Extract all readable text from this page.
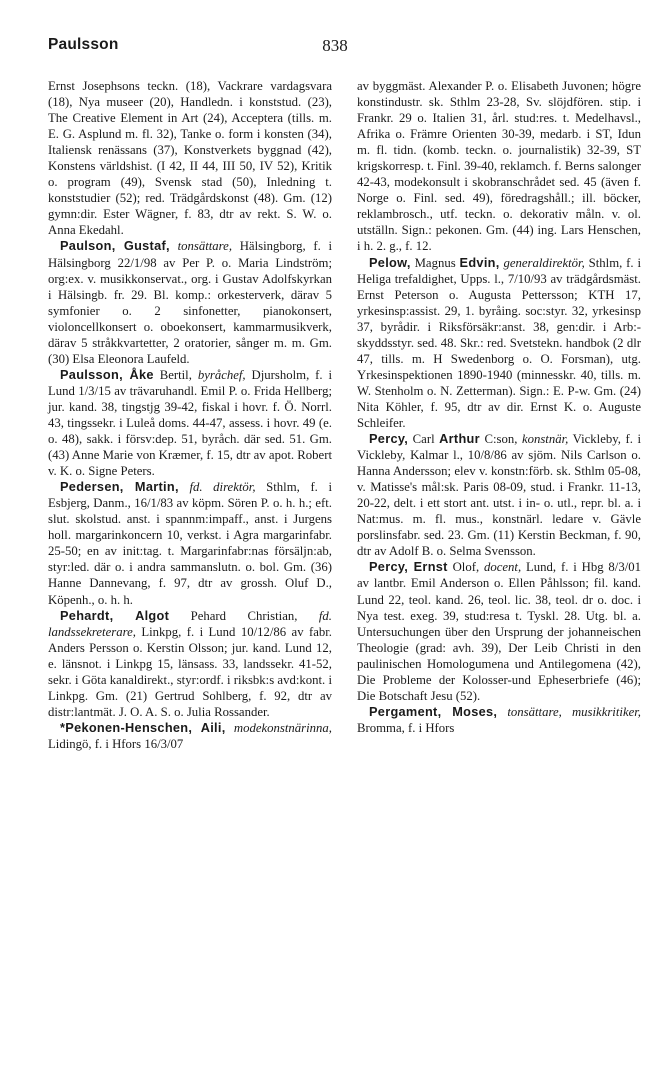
Paulsson	838

Ernst Josephsons teckn. (18), Vackrare vardagsvara (18), Nya museer (20), Handledn. i konststud. (23), The Creative Element in Art (24), Acceptera (tills. m. E. G. Asplund m. fl. 32), Tanke o. form i konsten (34), Italiensk renässans (37), Konstverkets byggnad (42), Konstens världshist. (I 42, II 44, III 50, IV 52), Kritik o. program (49), Svensk stad (50), Inledning t. konststudier (52); red. Trädgårdskonst (48). Gm. (12) gymn:dir. Ester Wägner, f. 83, dtr av rekt. S. W. o. Anna Ekedahl.

Paulson, Gustaf, tonsättare, Hälsingborg, f. i Hälsingborg 22/1/98 av Per P. o. Maria Lindström; org:ex. v. musikkonservat., org. i Gustav Adolfskyrkan i Hälsingb. fr. 29. Bl. komp.: orkesterverk, därav 5 symfonier o. 2 sinfonetter, pianokonsert, violoncellkonsert o. oboekonsert, kammarmusikverk, därav 5 stråkkvartetter, 2 oratorier, sånger m. m. Gm. (30) Elsa Eleonora Laufeld.

Paulsson, Åke Bertil, byråchef, Djursholm, f. i Lund 1/3/15 av trävaruhandl. Emil P. o. Frida Hellberg; jur. kand. 38, tingstjg 39-42, fiskal i hovr. f. Ö. Norrl. 43, tingssekr. i Luleå doms. 44-47, assess. i hovr. 49 (e. o. 48), sakk. i försv:dep. 51, byråch. där sed. 51. Gm. (43) Anne Marie von Kræmer, f. 15, dtr av apot. Robert v. K. o. Signe Peters.

Pedersen, Martin, fd. direktör, Sthlm, f. i Esbjerg, Danm., 16/1/83 av köpm. Sören P. o. h. h.; eft. slut. skolstud. anst. i spannm:impaff., anst. i Jurgens holl. margarinkoncern 10, verkst. i Agra margarinfabr. 25-50; en av init:tag. t. Margarinfabr:nas försäljn:ab, styr:led. där o. i andra sammanslutn. o. bol. Gm. (36) Hanne Dannevang, f. 97, dtr av grossh. Oluf D., Köpenh., o. h. h.

Pehardt, Algot Pehard Christian, fd. landssekreterare, Linkpg, f. i Lund 10/12/86 av fabr. Anders Persson o. Kerstin Olsson; jur. kand. Lund 12, e. länsnot. i Linkpg 15, länsass. 33, landssekr. 41-52, sekr. i Göta kanaldirekt., styr:ordf. i riksbk:s avd:kont. i Linkpg. Gm. (21) Gertrud Sohlberg, f. 92, dtr av distr:lantmät. J. O. A. S. o. Julia Rossander.

*Pekonen-Henschen, Aili, modekonstnärinna, Lidingö, f. i Hfors 16/3/07

av byggmäst. Alexander P. o. Elisabeth Juvonen; högre konstindustr. sk. Sthlm 23-28, Sv. slöjdfören. stip. i Frankr. 29 o. Italien 31, årl. stud:res. t. Medelhavsl., Afrika o. Främre Orienten 30-39, medarb. i ST, Idun m. fl. tidn. (komb. teckn. o. journalistik) 32-39, ST krigskorresp. t. Finl. 39-40, reklamch. f. Berns salonger 42-43, modekonsult i skobranschrådet sed. 45 (även f. Norge o. Finl. sed. 49), föredragshåll.; ill. böcker, reklambrosch., utf. teckn. o. dekorativ måln. v. ol. utställn. Sign.: pekonen. Gm. (44) ing. Lars Henschen, i h. 2. g., f. 12.

Pelow, Magnus Edvin, generaldirektör, Sthlm, f. i Heliga trefaldighet, Upps. l., 7/10/93 av trädgårdsmäst. Ernst Peterson o. Augusta Pettersson; KTH 17, yrkesinsp:assist. 29, 1. byråing. soc:styr. 32, yrkesinsp 37, byrådir. i Riksförsäkr:anst. 38, gen:dir. i Arb:-skyddsstyr. sed. 48. Skr.: red. Svetstekn. handbok (2 dlr 47, tills. m. H Swedenborg o. O. Forsman), utg. Yrkesinspektionen 1890-1940 (minnesskr. 40, tills. m. W. Stenholm o. N. Zetterman). Sign.: E. P-w. Gm. (24) Nita Köhler, f. 95, dtr av dir. Ernst K. o. Auguste Schleifer.

Percy, Carl Arthur C:son, konstnär, Vickleby, f. i Vickleby, Kalmar l., 10/8/86 av sjöm. Nils Carlson o. Hanna Andersson; elev v. konstn:förb. sk. Sthlm 05-08, v. Matisse's mål:sk. Paris 08-09, stud. i Frankr. 11-13, 20-22, delt. i ett stort ant. utst. i in- o. utl., repr. bl. a. i Nat:mus. m. fl. mus., konstnärl. ledare v. Gävle porslinsfabr. sed. 23. Gm. (11) Kerstin Beckman, f. 90, dtr av Adolf B. o. Selma Svensson.

Percy, Ernst Olof, docent, Lund, f. i Hbg 8/3/01 av lantbr. Emil Anderson o. Ellen Påhlsson; fil. kand. Lund 22, teol. kand. 26, teol. lic. 38, teol. dr o. doc. i Nya test. exeg. 39, stud:resa t. Tyskl. 28. Utg. bl. a. Untersuchungen über den Ursprung der johanneischen Theologie (grad: avh. 39), Der Leib Christi in den paulinischen Homologumena und Antilegomena (42), Die Probleme der Kolosser-und Epheserbriefe (46); Die Botschaft Jesu (52).

Pergament, Moses, tonsättare, musikkritiker, Bromma, f. i Hfors
